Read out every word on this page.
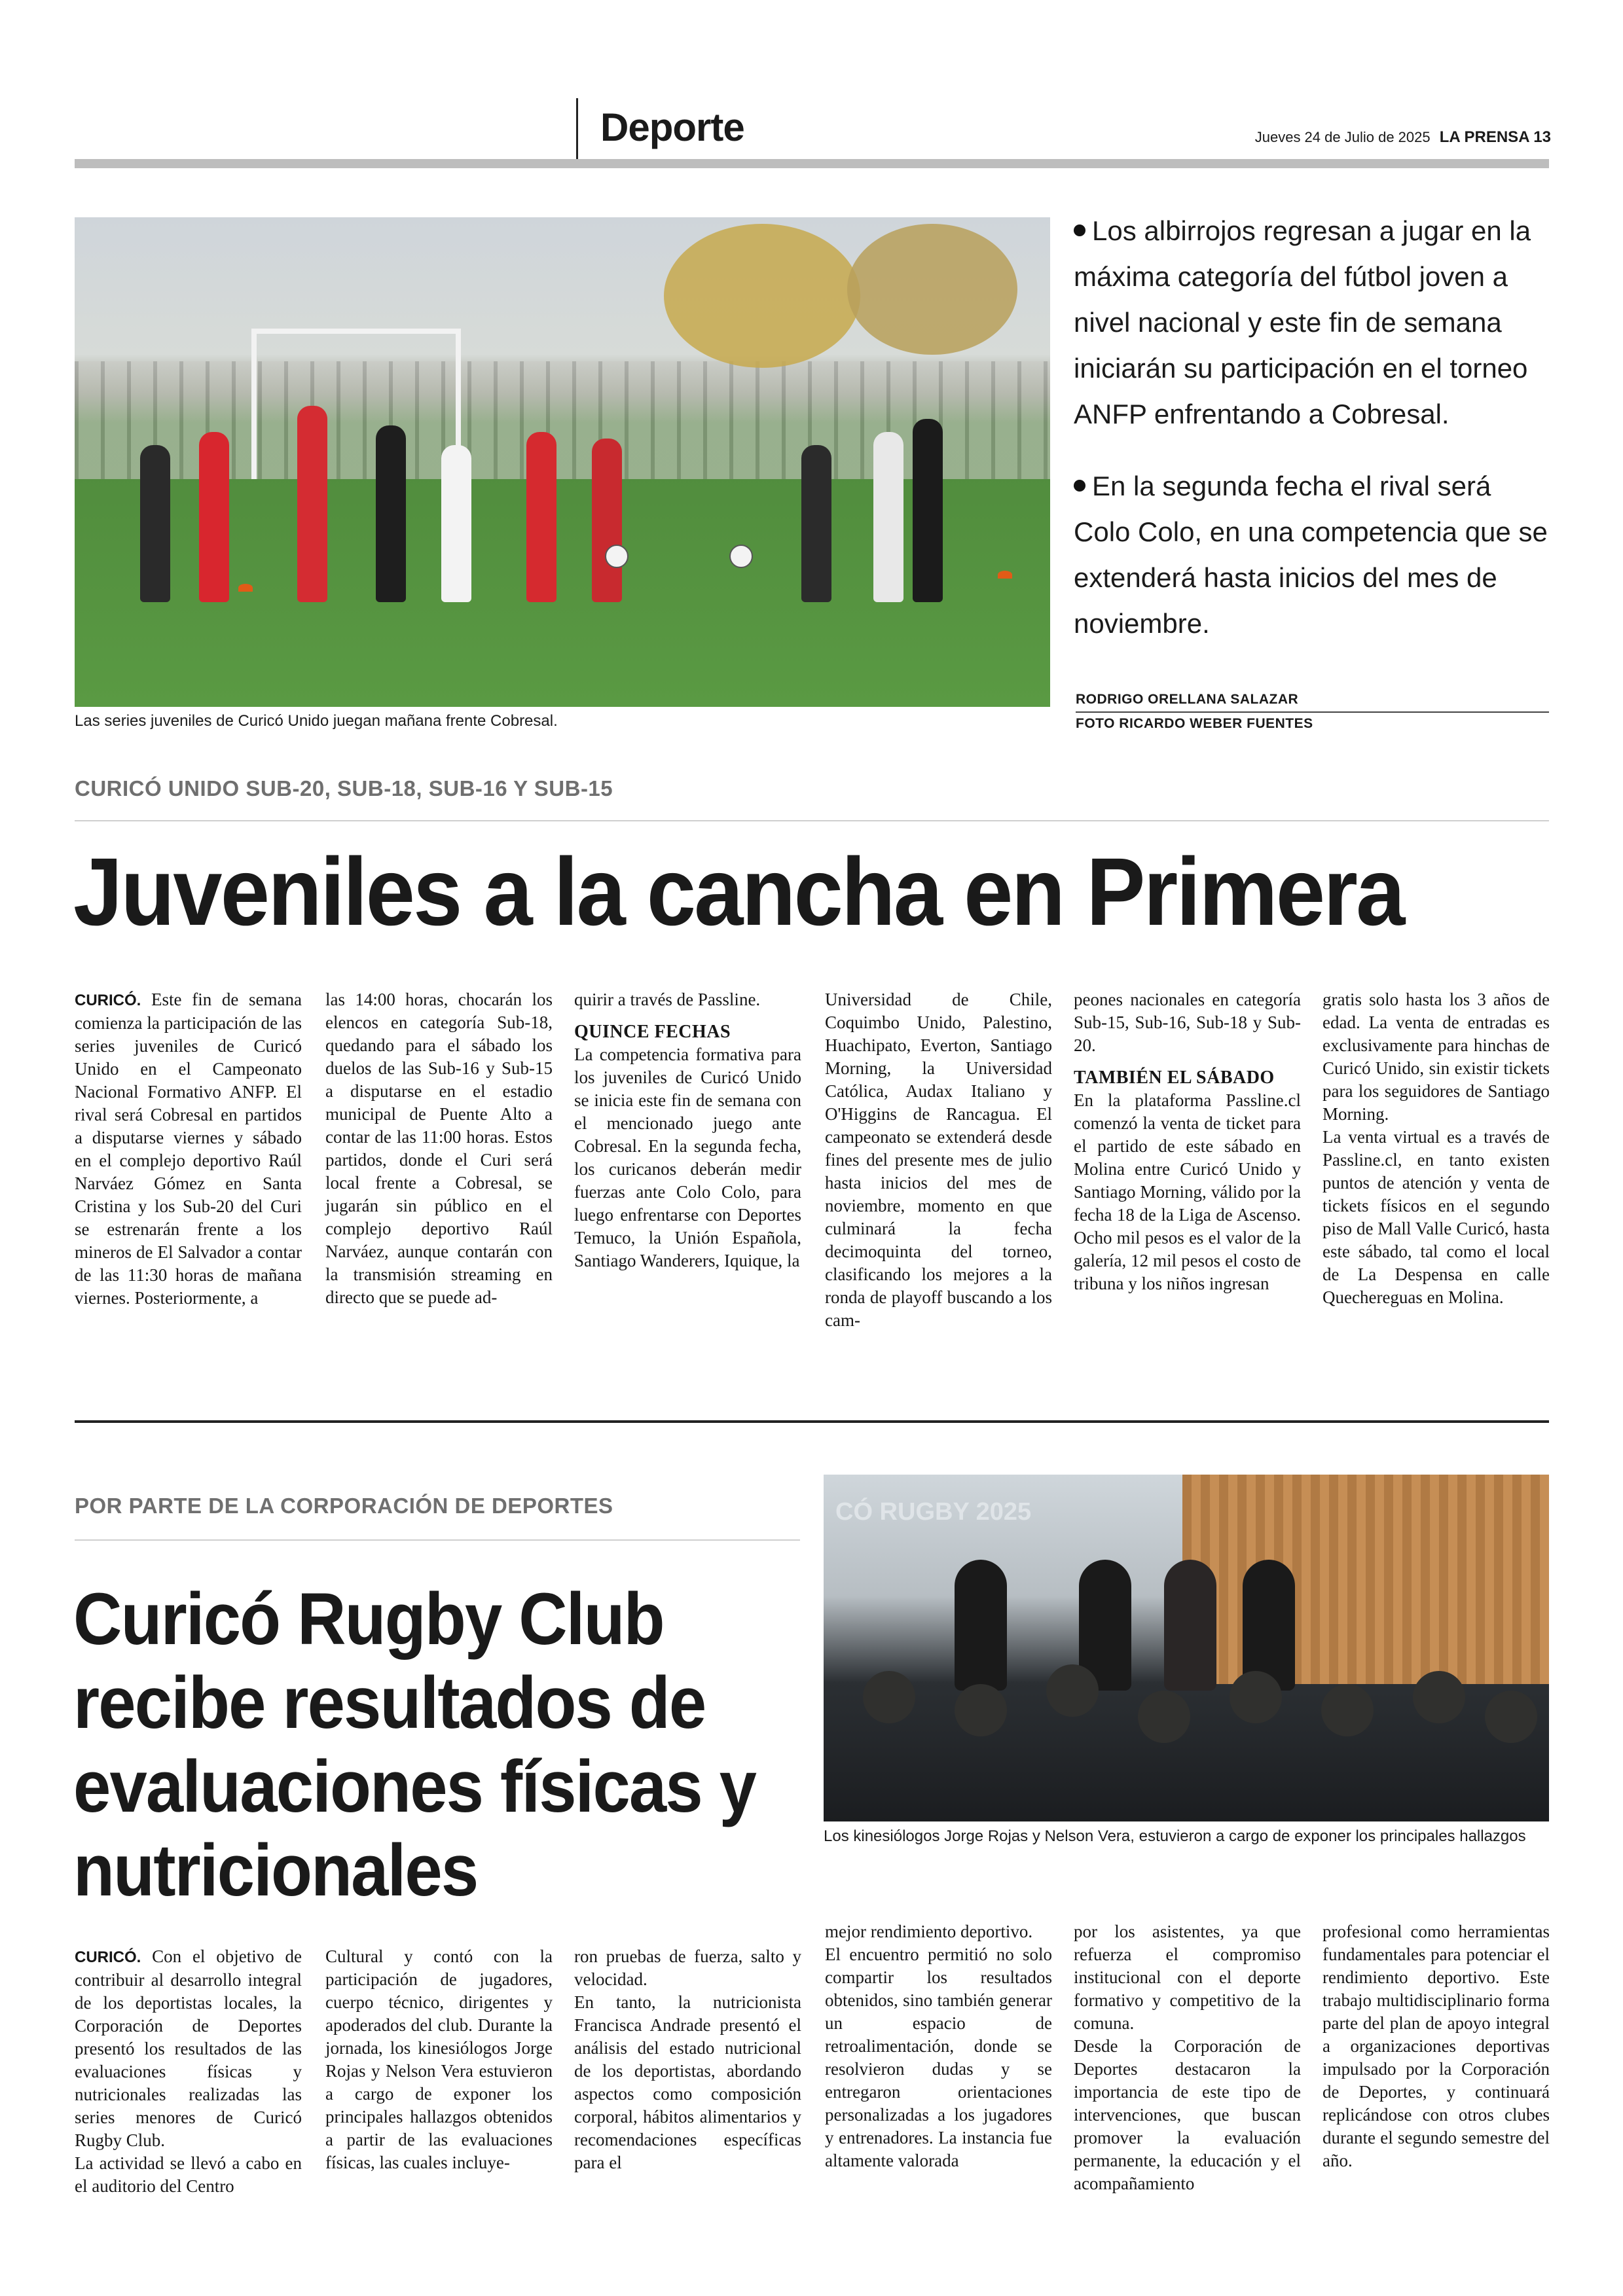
Deporte	Jueves 24 de Julio de 2025 LA PRENSA 13
Las series juveniles de Curicó Unido juegan mañana frente Cobresal.

Los albirrojos regresan a jugar en la máxima categoría del fútbol joven a nivel nacional y este fin de semana iniciarán su participación en el torneo ANFP enfrentando a Cobresal.

En la segunda fecha el rival será Colo Colo, en una competencia que se extenderá hasta inicios del mes de noviembre.

RODRIGO ORELLANA SALAZAR
FOTO RICARDO WEBER FUENTES
CURICÓ UNIDO SUB-20, SUB-18, SUB-16 Y SUB-15
Juveniles a la cancha en Primera

CURICÓ. Este fin de semana comienza la participación de las series juveniles de Curicó Unido en el Campeonato Nacional Formativo ANFP. El rival será Cobresal en partidos a disputarse viernes y sábado en el complejo deportivo Raúl Narváez Gómez en Santa Cristina y los Sub-20 del Curi se estrenarán frente a los mineros de El Salvador a contar de las 11:30 horas de mañana viernes. Posteriormente, a

las 14:00 horas, chocarán los elencos en categoría Sub-18, quedando para el sábado los duelos de las Sub-16 y Sub-15 a disputarse en el estadio municipal de Puente Alto a contar de las 11:00 horas. Estos partidos, donde el Curi será local frente a Cobresal, se jugarán sin público en el complejo deportivo Raúl Narváez, aunque contarán con la transmisión streaming en directo que se puede ad-

quirir a través de Passline.

QUINCE FECHAS

La competencia formativa para los juveniles de Curicó Unido se inicia este fin de semana con el mencionado juego ante Cobresal. En la segunda fecha, los curicanos deberán medir fuerzas ante Colo Colo, para luego enfrentarse con Deportes Temuco, la Unión Española, Santiago Wanderers, Iquique, la

Universidad de Chile, Coquimbo Unido, Palestino, Huachipato, Everton, Santiago Morning, la Universidad Católica, Audax Italiano y O'Higgins de Rancagua. El campeonato se extenderá desde fines del presente mes de julio hasta inicios del mes de noviembre, momento en que culminará la fecha decimoquinta del torneo, clasificando los mejores a la ronda de playoff buscando a los cam-

peones nacionales en categoría Sub-15, Sub-16, Sub-18 y Sub-20.

TAMBIÉN EL SÁBADO

En la plataforma Passline.cl comenzó la venta de ticket para el partido de este sábado en Molina entre Curicó Unido y Santiago Morning, válido por la fecha 18 de la Liga de Ascenso. Ocho mil pesos es el valor de la galería, 12 mil pesos el costo de tribuna y los niños ingresan

gratis solo hasta los 3 años de edad. La venta de entradas es exclusivamente para hinchas de Curicó Unido, sin existir tickets para los seguidores de Santiago Morning.

La venta virtual es a través de Passline.cl, en tanto existen puntos de atención y venta de tickets físicos en el segundo piso de Mall Valle Curicó, hasta este sábado, tal como el local de La Despensa en calle Quechereguas en Molina.

POR PARTE DE LA CORPORACIÓN DE DEPORTES
Curicó Rugby Club recibe resultados de evaluaciones físicas y nutricionales
CÓ RUGBY 2025
Los kinesiólogos Jorge Rojas y Nelson Vera, estuvieron a cargo de exponer los principales hallazgos

CURICÓ. Con el objetivo de contribuir al desarrollo integral de los deportistas locales, la Corporación de Deportes presentó los resultados de las evaluaciones físicas y nutricionales realizadas las series menores de Curicó Rugby Club.

La actividad se llevó a cabo en el auditorio del Centro

Cultural y contó con la participación de jugadores, cuerpo técnico, dirigentes y apoderados del club. Durante la jornada, los kinesiólogos Jorge Rojas y Nelson Vera estuvieron a cargo de exponer los principales hallazgos obtenidos a partir de las evaluaciones físicas, las cuales incluye-

ron pruebas de fuerza, salto y velocidad.

En tanto, la nutricionista Francisca Andrade presentó el análisis del estado nutricional de los deportistas, abordando aspectos como composición corporal, hábitos alimentarios y recomendaciones específicas para el

mejor rendimiento deportivo.

El encuentro permitió no solo compartir los resultados obtenidos, sino también generar un espacio de retroalimentación, donde se resolvieron dudas y se entregaron orientaciones personalizadas a los jugadores y entrenadores. La instancia fue altamente valorada

por los asistentes, ya que refuerza el compromiso institucional con el deporte formativo y competitivo de la comuna.

Desde la Corporación de Deportes destacaron la importancia de este tipo de intervenciones, que buscan promover la evaluación permanente, la educación y el acompañamiento

profesional como herramientas fundamentales para potenciar el rendimiento deportivo. Este trabajo multidisciplinario forma parte del plan de apoyo integral a organizaciones deportivas impulsado por la Corporación de Deportes, y continuará replicándose con otros clubes durante el segundo semestre del año.
